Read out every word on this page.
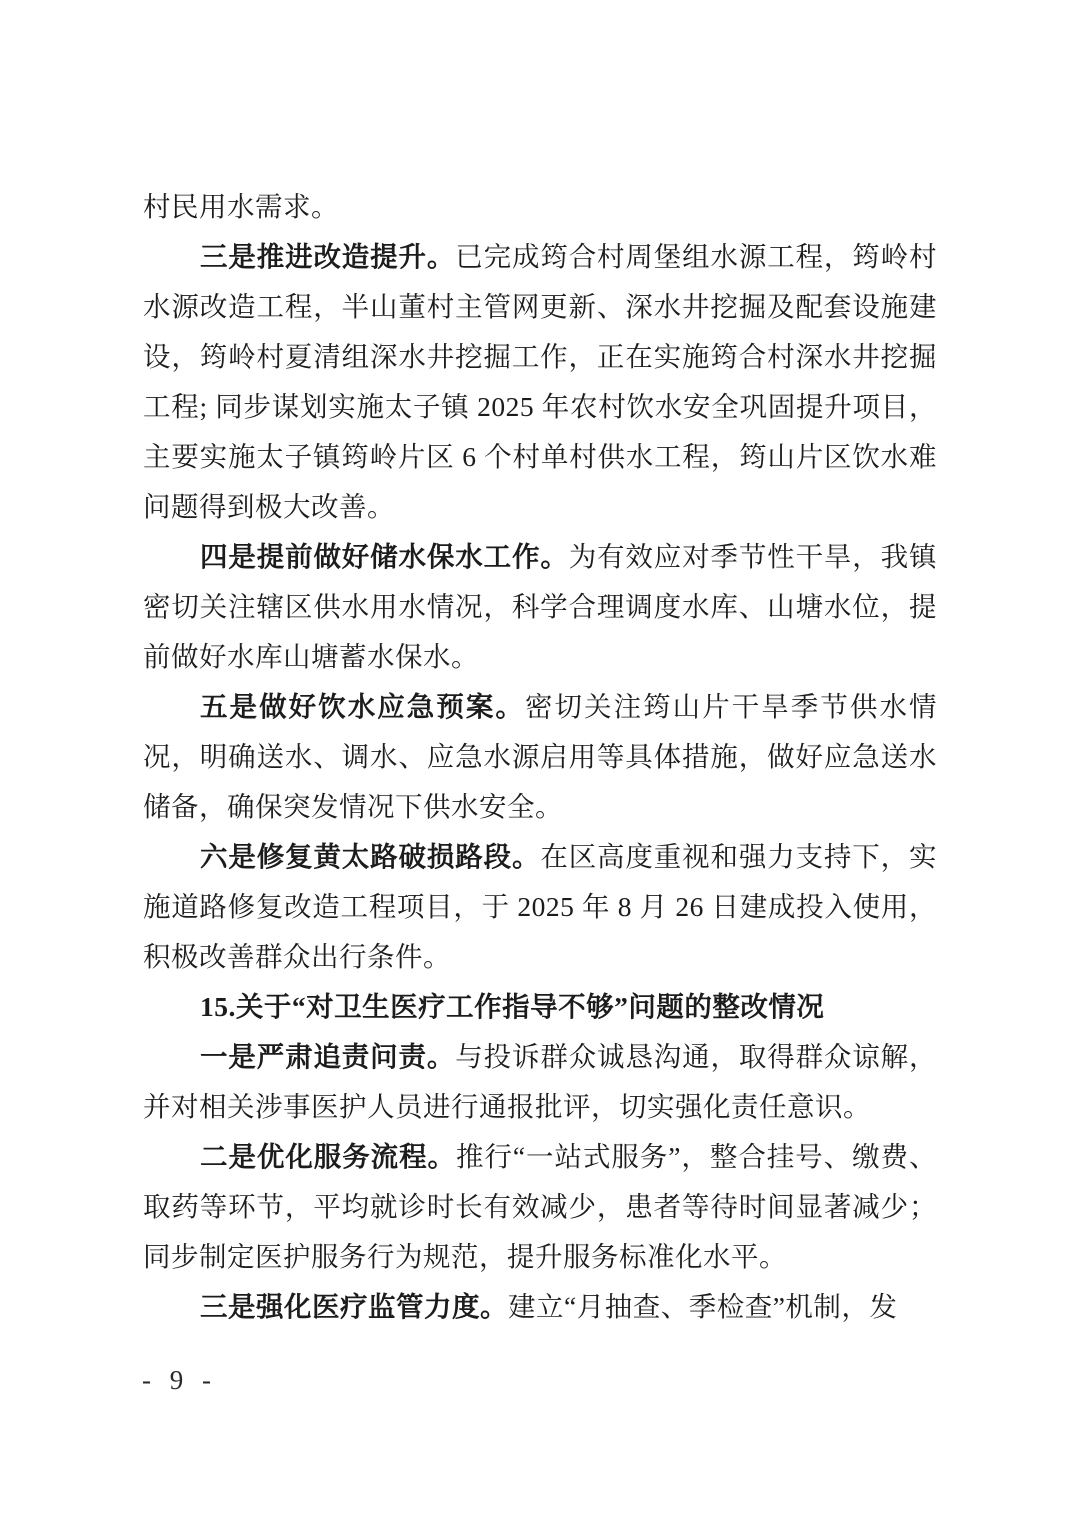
村民用水需求。

三是推进改造提升。已完成筠合村周堡组水源工程，筠岭村水源改造工程，半山董村主管网更新、深水井挖掘及配套设施建设，筠岭村夏清组深水井挖掘工作，正在实施筠合村深水井挖掘工程; 同步谋划实施太子镇 2025 年农村饮水安全巩固提升项目，主要实施太子镇筠岭片区 6 个村单村供水工程，筠山片区饮水难问题得到极大改善。

四是提前做好储水保水工作。为有效应对季节性干旱，我镇密切关注辖区供水用水情况，科学合理调度水库、山塘水位，提前做好水库山塘蓄水保水。

五是做好饮水应急预案。密切关注筠山片干旱季节供水情况，明确送水、调水、应急水源启用等具体措施，做好应急送水储备，确保突发情况下供水安全。

六是修复黄太路破损路段。在区高度重视和强力支持下，实施道路修复改造工程项目，于 2025 年 8 月 26 日建成投入使用，积极改善群众出行条件。

15.关于“对卫生医疗工作指导不够”问题的整改情况

一是严肃追责问责。与投诉群众诚恳沟通，取得群众谅解，并对相关涉事医护人员进行通报批评，切实强化责任意识。

二是优化服务流程。推行“一站式服务”，整合挂号、缴费、取药等环节，平均就诊时长有效减少，患者等待时间显著减少；同步制定医护服务行为规范，提升服务标准化水平。

三是强化医疗监管力度。建立“月抽查、季检查”机制，发

- 9 -
